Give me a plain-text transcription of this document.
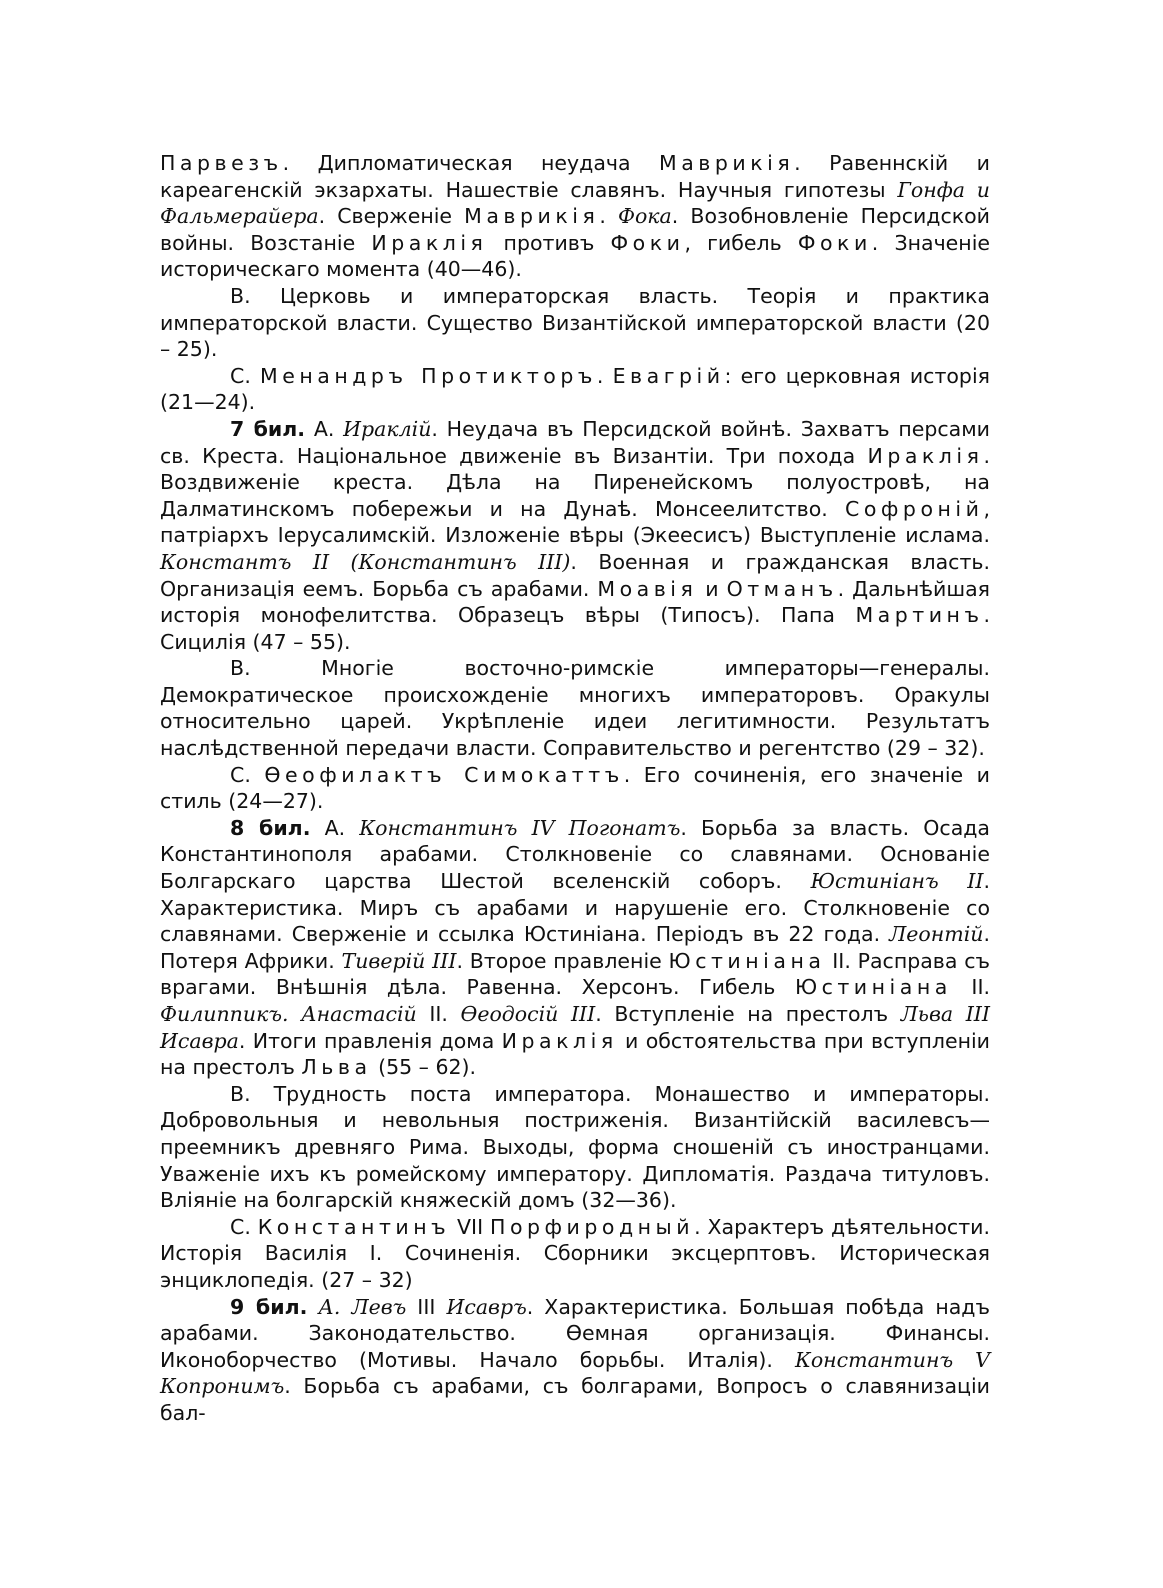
Парвезъ. Дипломатическая неудача Маврикія. Равеннскій и кареагенскій экзархаты. Нашествіе славянъ. Научныя гипотезы Гонфа и Фальмерайера. Сверженіе Маврикія. Фока. Возобновленіе Персидской войны. Возстаніе Ираклія противъ Фоки, гибель Фоки. Значеніе историческаго момента (40—46).

В. Церковь и императорская власть. Теорія и практика императорской власти. Существо Византійской императорской власти (20 – 25).

С. Менандръ Протикторъ. Евагрій: его церковная исторія (21—24).

7 бил. А. Ираклій. Неудача въ Персидской войнѣ. Захватъ персами св. Креста. Національное движеніе въ Византіи. Три похода Ираклія. Воздвиженіе креста. Дѣла на Пиренейскомъ полуостровѣ, на Далматинскомъ побережьи и на Дунаѣ. Монсеелитство. Софроній, патріархъ Іерусалимскій. Изложеніе вѣры (Экеесисъ) Выступленіе ислама. Константъ II (Константинъ III). Военная и гражданская власть. Организація еемъ. Борьба съ арабами. Моавія и Отманъ. Дальнѣйшая исторія монофелитства. Образецъ вѣры (Типосъ). Папа Мартинъ. Сицилія (47 – 55).

В. Многіе восточно-римскіе императоры—генералы. Демократическое происхожденіе многихъ императоровъ. Оракулы относительно царей. Укрѣпленіе идеи легитимности. Результатъ наслѣдственной передачи власти. Соправительство и регентство (29 – 32).

С. Ѳеофилактъ Симокаттъ. Его сочиненія, его значеніе и стиль (24—27).

8 бил. А. Константинъ IV Погонатъ. Борьба за власть. Осада Константинополя арабами. Столкновеніе со славянами. Основаніе Болгарскаго царства Шестой вселенскій соборъ. Юстиніанъ II. Характеристика. Миръ съ арабами и нарушеніе его. Столкновеніе со славянами. Сверженіе и ссылка Юстиніана. Періодъ въ 22 года. Леонтій. Потеря Африки. Тиверій III. Второе правленіе Юстиніана II. Расправа съ врагами. Внѣшнія дѣла. Равенна. Херсонъ. Гибель Юстиніана II. Филиппикъ. Анастасій II. Ѳеодосій III. Вступленіе на престолъ Льва III Исавра. Итоги правленія дома Ираклія и обстоятельства при вступленіи на престолъ Льва (55 – 62).

В. Трудность поста императора. Монашество и императоры. Добровольныя и невольныя постриженія. Византійскій василевсъ— преемникъ древняго Рима. Выходы, форма сношеній съ иностранцами. Уваженіе ихъ къ ромейскому императору. Дипломатія. Раздача титуловъ. Вліяніе на болгарскій княжескій домъ (32—36).

С. Константинъ VII Порфиродный. Характеръ дѣятельности. Исторія Василія I. Сочиненія. Сборники эксцерптовъ. Историческая энциклопедія. (27 – 32)

9 бил. А. Левъ III Исавръ. Характеристика. Большая побѣда надъ арабами. Законодательство. Ѳемная организація. Финансы. Иконоборчество (Мотивы. Начало борьбы. Италія). Константинъ V Копронимъ. Борьба съ арабами, съ болгарами, Вопросъ о славянизаціи бал-
